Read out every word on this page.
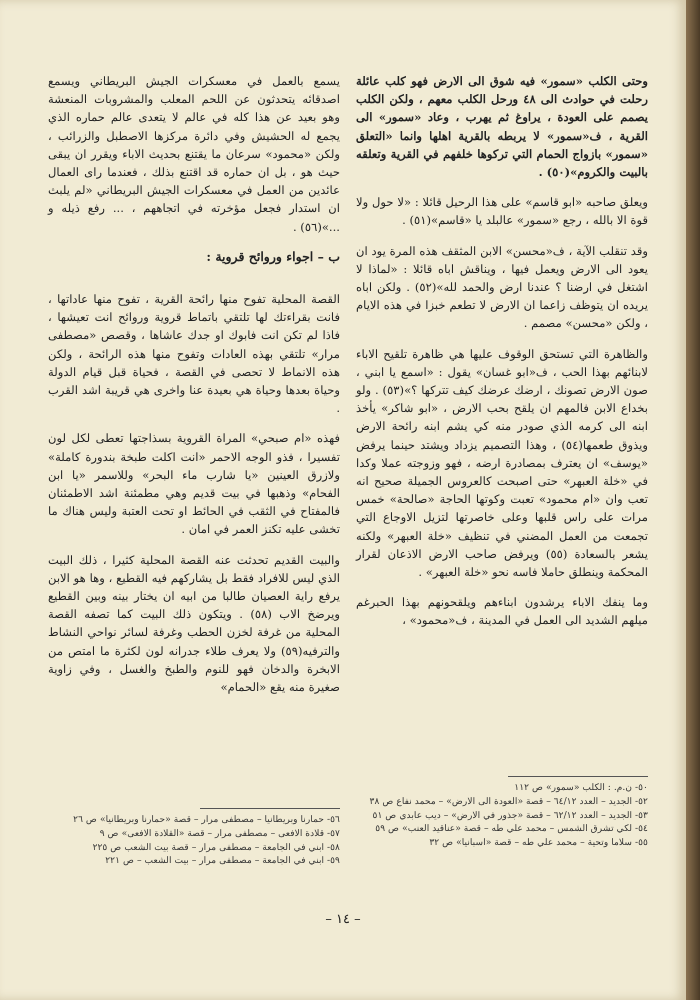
وحتى الكلب «سمور» فيه شوق الى الارض فهو كلب عائلة رحلت في حوادث الى ٤٨ ورحل الكلب معهم ، ولكن الكلب يصمم على العودة ، يراوغ ثم يهرب ، وعاد «سمور» الى القرية ، ف«سمور» لا يربطه بالقرية اهلها وانما «التعلق «سمور» بازواج الحمام التي تركوها خلفهم في القرية وتعلقه بالبيت والكروم»(٥٠) .

ويعلق صاحبه «ابو قاسم» على هذا الرحيل قائلا : «لا حول ولا قوة الا بالله ، رجع «سمور» عالبلد يا «قاسم»(٥١) .

وقد تنقلب الآية ، ف«محسن» الابن المثقف هذه المرة يود ان يعود الى الارض ويعمل فيها ، ويناقش اباه قائلا : «لماذا لا اشتغل في ارضنا ؟ عندنا ارض والحمد لله»(٥٢) . ولكن اباه يريده ان يتوظف زاعما ان الارض لا تطعم خبزا في هذه الايام ، ولكن «محسن» مصمم .

والظاهرة التي تستحق الوقوف عليها هي ظاهرة تلقيح الاباء لابنائهم بهذا الحب ، ف«ابو غسان» يقول : «اسمع يا ابني ، صون الارض تصونك ، ارضك عرضك كيف تتركها ؟»(٥٣) . ولو بخداع الابن فالمهم ان يلقح بحب الارض ، «ابو شاكر» يأخذ ابنه الى كرمه الذي صودر منه كي يشم ابنه رائحة الارض ويذوق طعمها(٥٤) ، وهذا التصميم يزداد ويشتد حينما يرفض «يوسف» ان يعترف بمصادرة ارضه ، فهو وزوجته عملا وكدا في «خلة العبهر» حتى اصبحت كالعروس الجميلة صحيح انه تعب وان «ام محمود» تعبت وكوتها الحاجة «صالحة» خمس مرات على راس قلبها وعلى خاصرتها لتزيل الاوجاع التي تجمعت من العمل المضني في تنظيف «خلة العبهر» ولكنه يشعر بالسعادة (٥٥) ويرفض صاحب الارض الاذعان لقرار المحكمة وينطلق حاملا فاسه نحو «خلة العبهر» .

وما ينفك الاباء يرشدون ابناءهم ويلقحونهم بهذا الحبرغم ميلهم الشديد الى العمل في المدينة ، ف«محمود» ،

٥٠- ن.م. : الكلب «سمور» ص ١١٢

٥٢- الجديد – العدد ٦٤/١٢ – قصة «العودة الى الارض» – محمد نفاع ص ٣٨

٥٣- الجديد – العدد ٦٢/١٢ – قصة «جذور في الارض» – ديب عابدي ص ٥١

٥٤- لكي تشرق الشمس – محمد علي طه – قصة «عناقيد العنب» ص ٥٩

٥٥- سلاما وتحية – محمد علي طه – قصة «اسبانيا» ص ٣٢

يسمع بالعمل في معسكرات الجيش البريطاني ويسمع اصدقائه يتحدثون عن اللحم المعلب والمشروبات المنعشة وهو بعيد عن هذا كله في عالم لا يتعدى عالم حماره الذي يجمع له الحشيش وفي دائرة مركزها الاصطبل والزرائب ، ولكن «محمود» سرعان ما يقتنع بحديث الاباء ويقرر ان يبقى حيث هو ، بل ان حماره قد اقتنع بذلك ، فعندما راى العمال عائدين من العمل في معسكرات الجيش البريطاني «لم يلبث ان استدار فجعل مؤخرته في اتجاههم ، ... رفع ذيله و ...»(٥٦) .

ب – اجواء وروائح قروية :

القصة المحلية تفوح منها رائحة القرية ، تفوح منها عاداتها ، فانت بقراءتك لها تلتقي باتماط قروية وروائح انت تعيشها ، فاذا لم تكن انت فابوك او جدك عاشاها ، وقصص «مصطفى مرار» تلتقي بهذه العادات وتفوح منها هذه الرائحة ، ولكن هذه الانماط لا تحصى في القصة ، فحياة قبل قيام الدولة وحياة بعدها وحياة هي بعيدة عنا واخرى هي قريبة اشد القرب .

فهذه «ام صبحي» المراة القروية بسذاجتها تعطى لكل لون تفسيرا ، فذو الوجه الاحمر «انت اكلت طبخة بندورة كاملة» ولازرق العينين «يا شارب ماء البحر» وللاسمر «يا ابن الفحام» وذهبها في بيت قديم وهي مطمئنة اشد الاطمئنان فالمفتاح في الثقب في الحائط او تحت العتبة وليس هناك ما تخشى عليه تكنز العمر في امان .

والبيت القديم تحدثت عنه القصة المحلية كثيرا ، ذلك البيت الذي ليس للافراد فقط بل يشاركهم فيه القطيع ، وها هو الابن يرفع راية العصيان طالبا من ابيه ان يختار بينه وبين القطيع ويرضخ الاب (٥٨) . ويتكون ذلك البيت كما تصفه القصة المحلية من غرفة لخزن الحطب وغرفة لسائر نواحي النشاط والترفيه(٥٩) ولا يعرف طلاء جدرانه لون لكثرة ما امتص من الابخرة والدخان فهو للنوم والطبخ والغسل ، وفي زاوية صغيرة منه يقع «الحمام»

٥٦- حمارنا وبريطانيا – مصطفى مرار – قصة «حمارنا وبريطانيا» ص ٢٦

٥٧- قلادة الافعى – مصطفى مرار – قصة «القلادة الافعى» ص ٩

٥٨- ابني في الجامعة – مصطفى مرار – قصة بيت الشعب ص ٢٢٥

٥٩- ابني في الجامعة – مصطفى مرار – بيت الشعب – ص ٢٢١

– ١٤ –
